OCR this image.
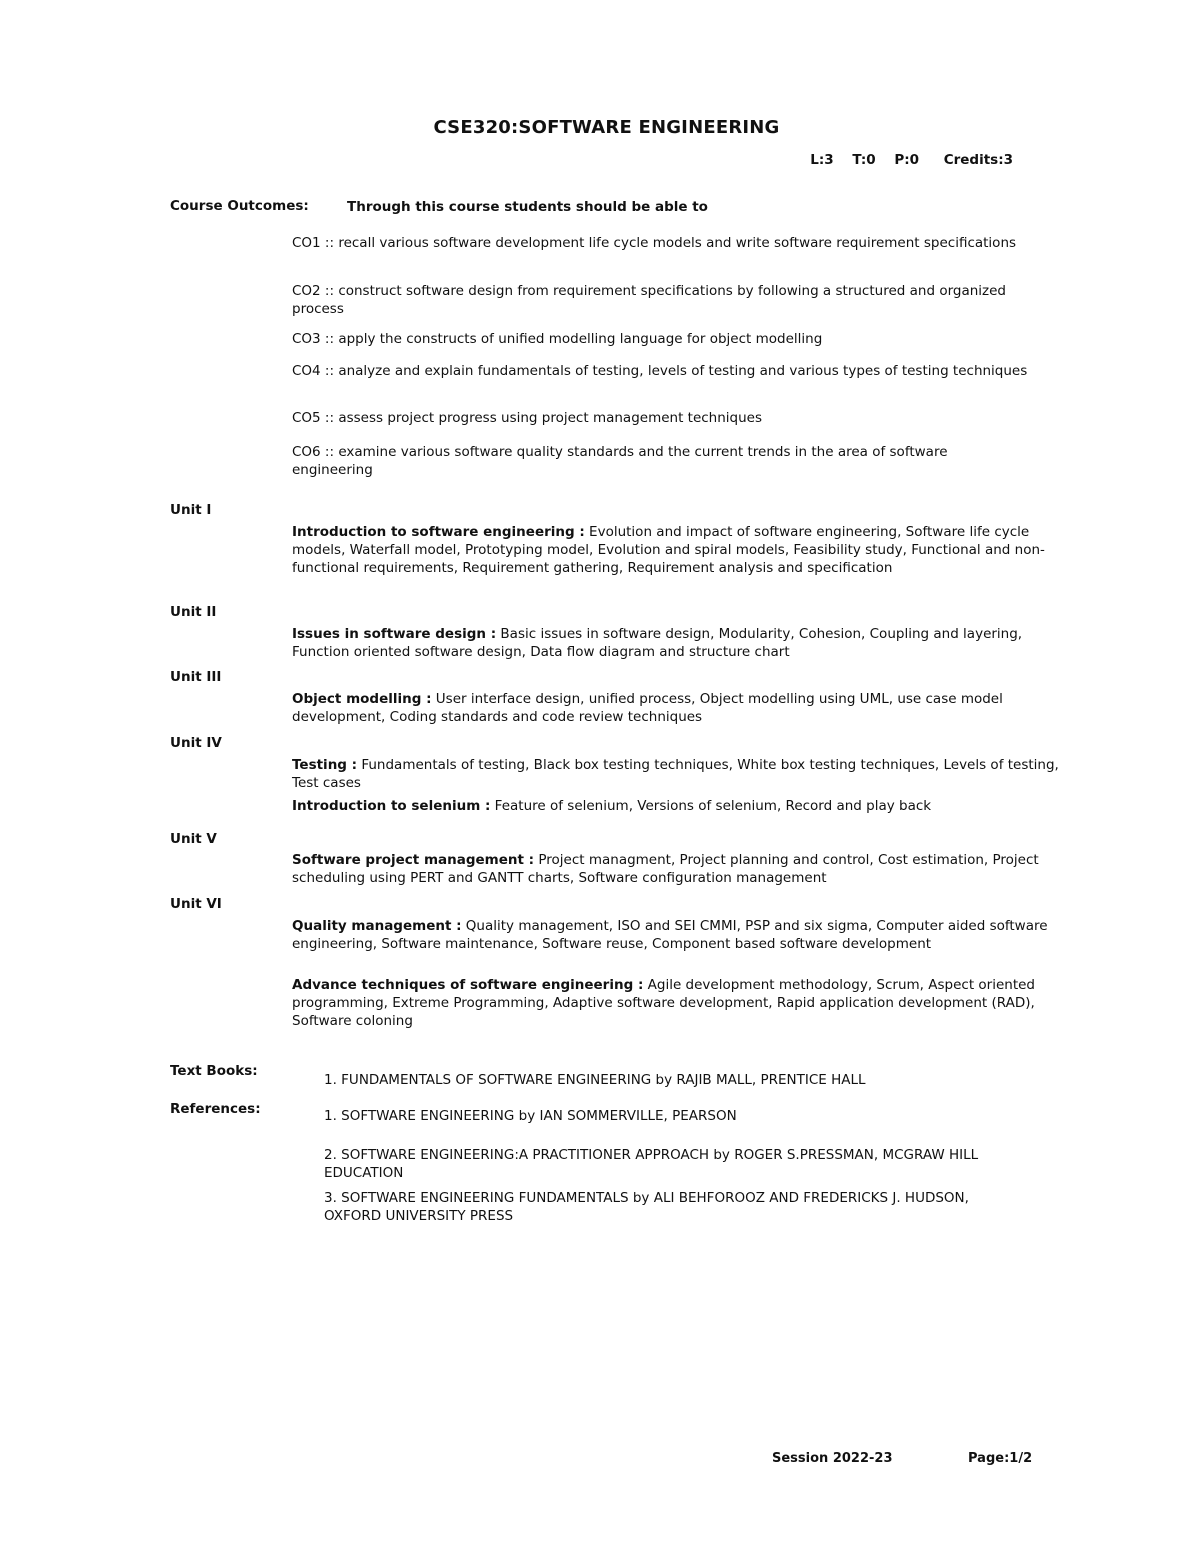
CSE320:SOFTWARE ENGINEERING
L:3 T:0 P:0 Credits:3
Course Outcomes:	Through this course students should be able to
CO1 :: recall various software development life cycle models and write software requirement specifications
CO2 :: construct software design from requirement specifications by following a structured and organized process
CO3 :: apply the constructs of unified modelling language for object modelling
CO4 :: analyze and explain fundamentals of testing, levels of testing and various types of testing techniques
CO5 :: assess project progress using project management techniques
CO6 :: examine various software quality standards and the current trends in the area of software engineering
Unit I
Introduction to software engineering : Evolution and impact of software engineering, Software life cycle models, Waterfall model, Prototyping model, Evolution and spiral models, Feasibility study, Functional and non-functional requirements, Requirement gathering, Requirement analysis and specification
Unit II
Issues in software design : Basic issues in software design, Modularity, Cohesion, Coupling and layering, Function oriented software design, Data flow diagram and structure chart
Unit III
Object modelling : User interface design, unified process, Object modelling using UML, use case model development, Coding standards and code review techniques
Unit IV
Testing : Fundamentals of testing, Black box testing techniques, White box testing techniques, Levels of testing, Test cases
Introduction to selenium : Feature of selenium, Versions of selenium, Record and play back
Unit V
Software project management : Project managment, Project planning and control, Cost estimation, Project scheduling using PERT and GANTT charts, Software configuration management
Unit VI
Quality management : Quality management, ISO and SEI CMMI, PSP and six sigma, Computer aided software engineering, Software maintenance, Software reuse, Component based software development
Advance techniques of software engineering : Agile development methodology, Scrum, Aspect oriented programming, Extreme Programming, Adaptive software development, Rapid application development (RAD), Software coloning
Text Books:
1. FUNDAMENTALS OF SOFTWARE ENGINEERING by RAJIB MALL, PRENTICE HALL
References:	1. SOFTWARE ENGINEERING by IAN SOMMERVILLE, PEARSON
2. SOFTWARE ENGINEERING:A PRACTITIONER APPROACH by ROGER S.PRESSMAN, MCGRAW HILL EDUCATION
3. SOFTWARE ENGINEERING FUNDAMENTALS by ALI BEHFOROOZ AND FREDERICKS J. HUDSON, OXFORD UNIVERSITY PRESS
Session 2022-23	Page:1/2
